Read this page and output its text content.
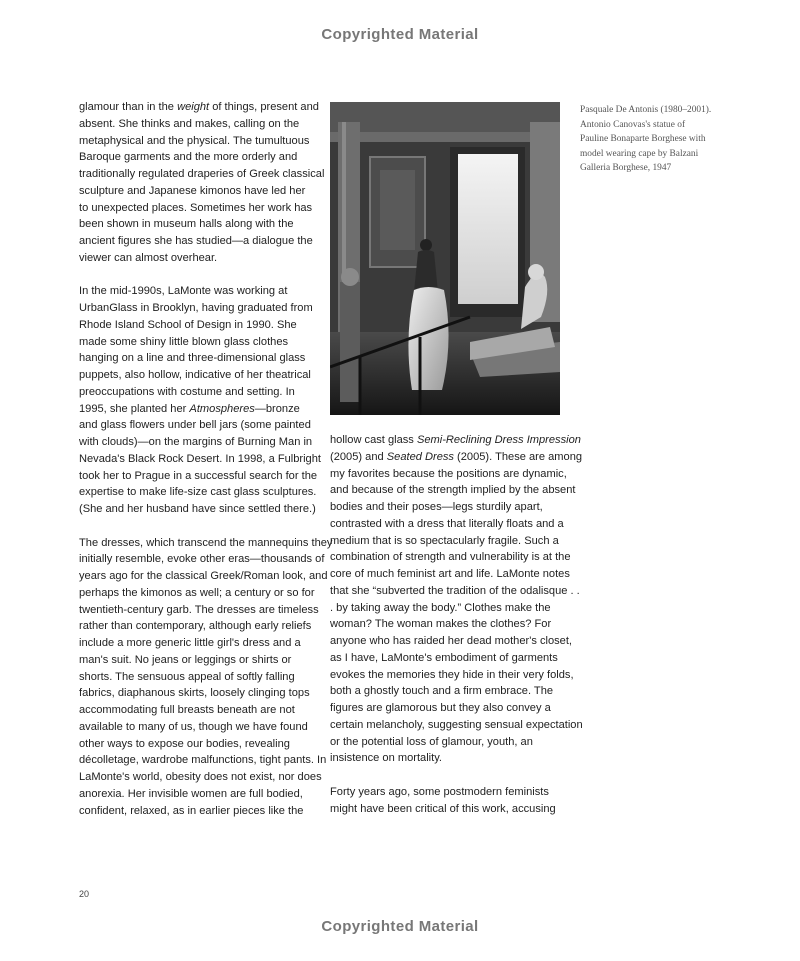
Copyrighted Material

glamour than in the weight of things, present and
absent. She thinks and makes, calling on the
metaphysical and the physical. The tumultuous
Baroque garments and the more orderly and
traditionally regulated draperies of Greek classical
sculpture and Japanese kimonos have led her
to unexpected places. Sometimes her work has
been shown in museum halls along with the
ancient figures she has studied—a dialogue the
viewer can almost overhear.

In the mid-1990s, LaMonte was working at
UrbanGlass in Brooklyn, having graduated from
Rhode Island School of Design in 1990. She
made some shiny little blown glass clothes
hanging on a line and three-dimensional glass
puppets, also hollow, indicative of her theatrical
preoccupations with costume and setting. In
1995, she planted her Atmospheres—bronze
and glass flowers under bell jars (some painted
with clouds)—on the margins of Burning Man in
Nevada's Black Rock Desert. In 1998, a Fulbright
took her to Prague in a successful search for the
expertise to make life-size cast glass sculptures.
(She and her husband have since settled there.)

The dresses, which transcend the mannequins they
initially resemble, evoke other eras—thousands of
years ago for the classical Greek/Roman look, and
perhaps the kimonos as well; a century or so for
twentieth-century garb. The dresses are timeless
rather than contemporary, although early reliefs
include a more generic little girl's dress and a
man's suit. No jeans or leggings or shirts or
shorts. The sensuous appeal of softly falling
fabrics, diaphanous skirts, loosely clinging tops
accommodating full breasts beneath are not
available to many of us, though we have found
other ways to expose our bodies, revealing
décolletage, wardrobe malfunctions, tight pants. In
LaMonte's world, obesity does not exist, nor does
anorexia. Her invisible women are full bodied,
confident, relaxed, as in earlier pieces like the

Pasquale De Antonis (1980–2001).
Antonio Canovas's statue of
Pauline Bonaparte Borghese with
model wearing cape by Balzani
Galleria Borghese, 1947

hollow cast glass Semi-Reclining Dress Impression
(2005) and Seated Dress (2005). These are among
my favorites because the positions are dynamic,
and because of the strength implied by the absent
bodies and their poses—legs sturdily apart,
contrasted with a dress that literally floats and a
medium that is so spectacularly fragile. Such a
combination of strength and vulnerability is at the
core of much feminist art and life. LaMonte notes
that she “subverted the tradition of the odalisque . .
. by taking away the body.” Clothes make the
woman? The woman makes the clothes? For
anyone who has raided her dead mother's closet,
as I have, LaMonte's embodiment of garments
evokes the memories they hide in their very folds,
both a ghostly touch and a firm embrace. The
figures are glamorous but they also convey a
certain melancholy, suggesting sensual expectation
or the potential loss of glamour, youth, an
insistence on mortality.

Forty years ago, some postmodern feminists
might have been critical of this work, accusing

20
Copyrighted Material
